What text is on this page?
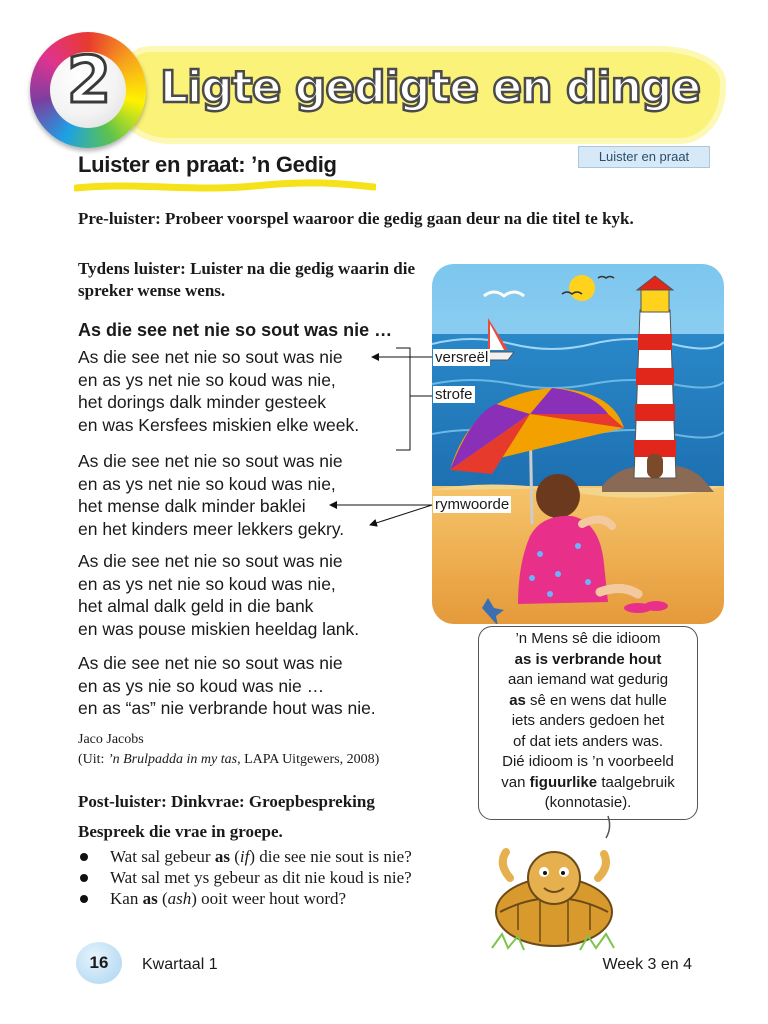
2	Ligte gedigte en dinge
Luister en praat: ’n Gedig	Luister en praat
Pre-luister: Probeer voorspel waaroor die gedig gaan deur na die titel te kyk.
Tydens luister: Luister na die gedig waarin die spreker wense wens.
As die see net nie so sout was nie …
As die see net nie so sout was nie
en as ys net nie so koud was nie,
het dorings dalk minder gesteek
en was Kersfees miskien elke week.
As die see net nie so sout was nie
en as ys net nie so koud was nie,
het mense dalk minder baklei
en het kinders meer lekkers gekry.
As die see net nie so sout was nie
en as ys net nie so koud was nie,
het almal dalk geld in die bank
en was pouse miskien heeldag lank.
As die see net nie so sout was nie
en as ys nie so koud was nie …
en as “as” nie verbrande hout was nie.
versreël
strofe
rymwoorde
Jaco Jacobs
(Uit: ’n Brulpadda in my tas, LAPA Uitgewers, 2008)
Post-luister: Dinkvrae: Groepbespreking
Bespreek die vrae in groepe.
Wat sal gebeur as (if) die see nie sout is nie?
Wat sal met ys gebeur as dit nie koud is nie?
Kan as (ash) ooit weer hout word?
’n Mens sê die idioom
as is verbrande hout
aan iemand wat gedurig
as sê en wens dat hulle
iets anders gedoen het
of dat iets anders was.
Dié idioom is ’n voorbeeld
van figuurlike taalgebruik
(konnotasie).
16	Kwartaal 1	Week 3 en 4
